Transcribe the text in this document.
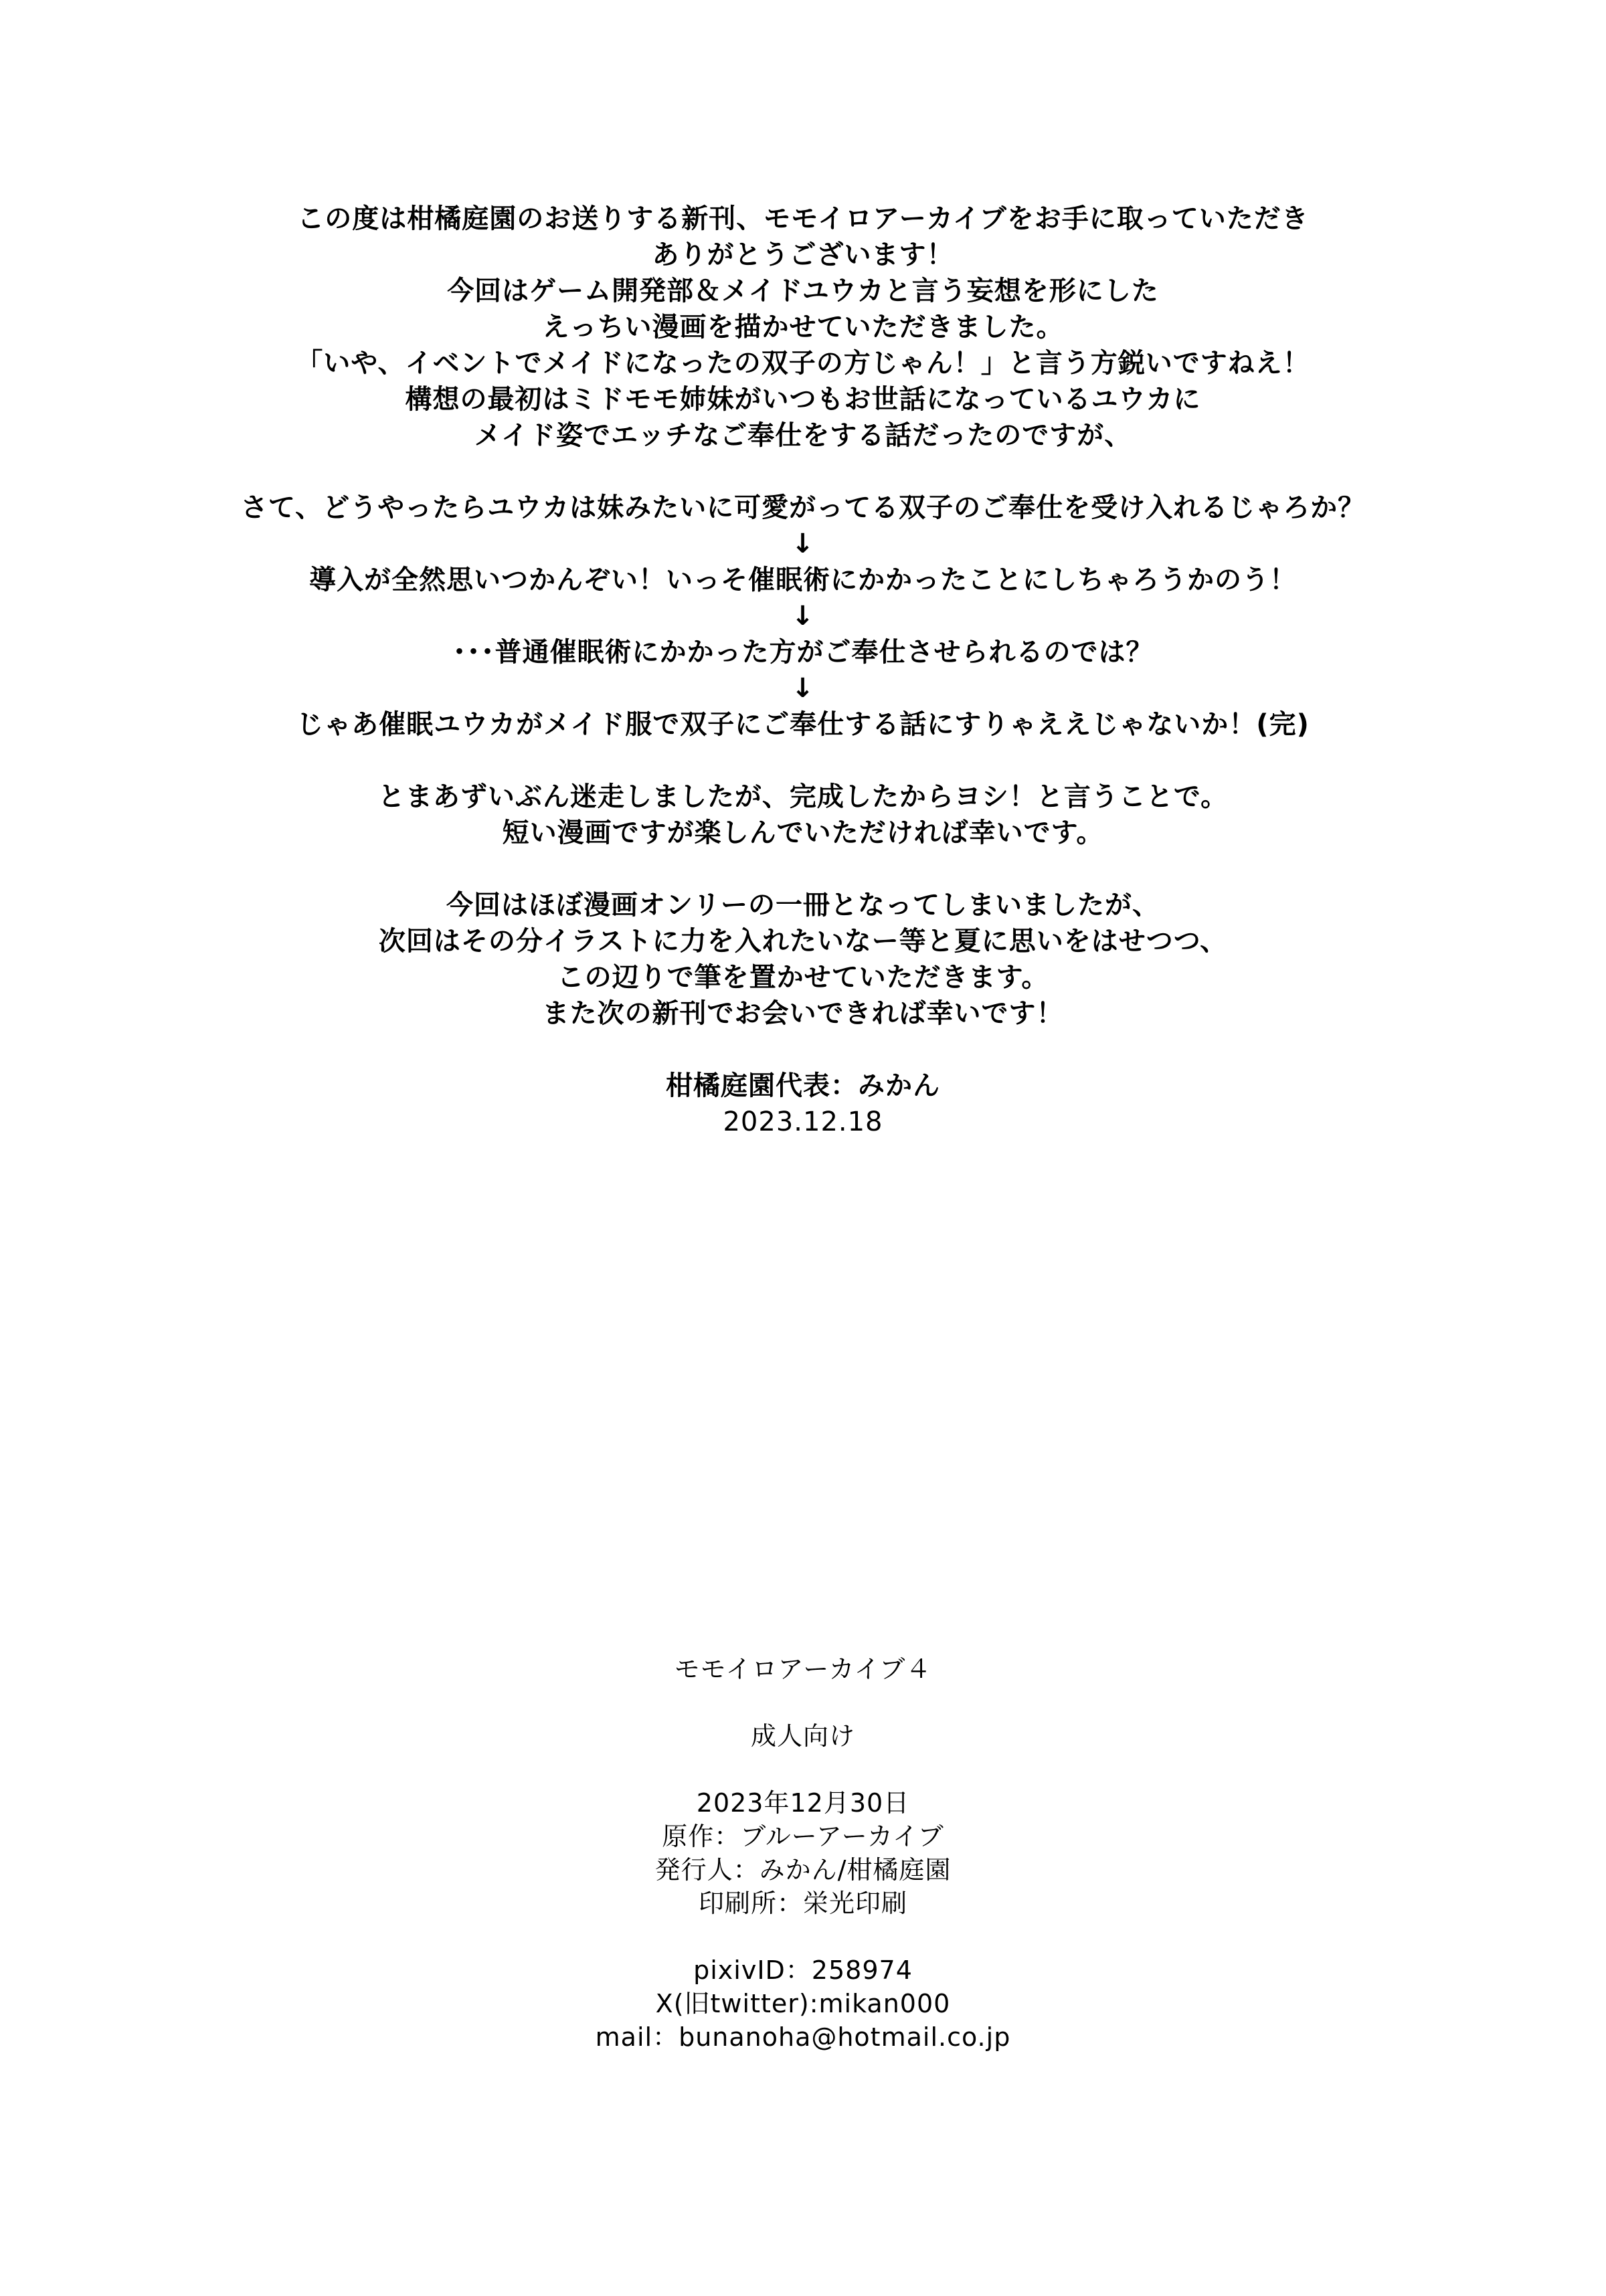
この度は柑橘庭園のお送りする新刊、モモイロアーカイブをお手に取っていただき
ありがとうございます！
今回はゲーム開発部＆メイドユウカと言う妄想を形にした
えっちい漫画を描かせていただきました。
「いや、イベントでメイドになったの双子の方じゃん！」と言う方鋭いですねえ！
構想の最初はミドモモ姉妹がいつもお世話になっているユウカに
メイド姿でエッチなご奉仕をする話だったのですが、
さて、どうやったらユウカは妹みたいに可愛がってる双子のご奉仕を受け入れるじゃろか？
↓
導入が全然思いつかんぞい！いっそ催眠術にかかったことにしちゃろうかのう！
↓
･･･普通催眠術にかかった方がご奉仕させられるのでは？
↓
じゃあ催眠ユウカがメイド服で双子にご奉仕する話にすりゃええじゃないか！(完)
とまあずいぶん迷走しましたが、完成したからヨシ！と言うことで。
短い漫画ですが楽しんでいただければ幸いです。
今回はほぼ漫画オンリーの一冊となってしまいましたが、
次回はその分イラストに力を入れたいなー等と夏に思いをはせつつ、
この辺りで筆を置かせていただきます。
また次の新刊でお会いできれば幸いです！
柑橘庭園代表：みかん
2023.12.18
モモイロアーカイブ４
成人向け
2023年12月30日
原作：ブルーアーカイブ
発行人：みかん/柑橘庭園
印刷所：栄光印刷
pixivID：258974
X(旧twitter):mikan000
mail：bunanoha@hotmail.co.jp
